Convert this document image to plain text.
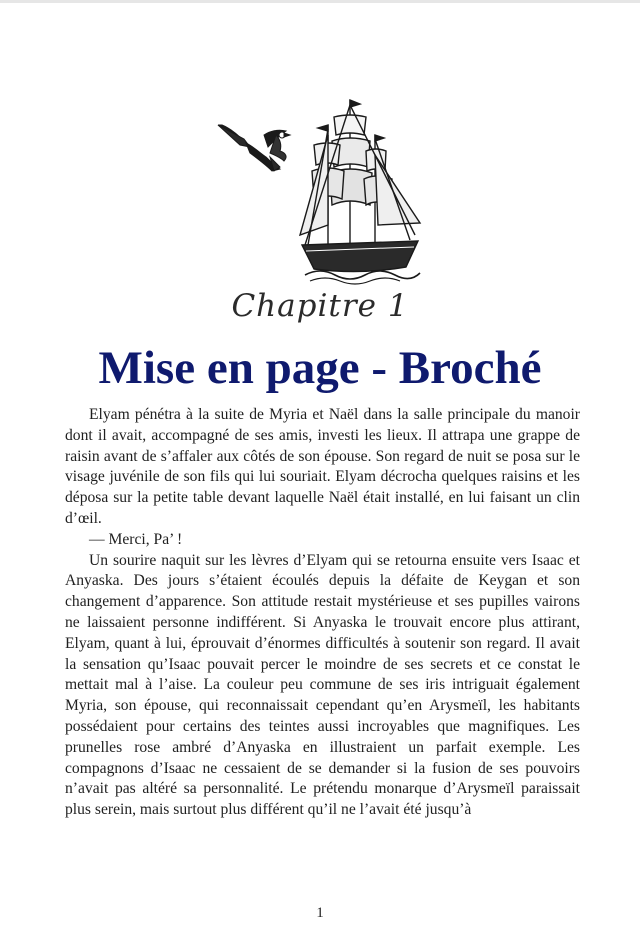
Chapitre 1
Mise en page - Broché

Elyam pénétra à la suite de Myria et Naël dans la salle principale du manoir dont il avait, accompagné de ses amis, investi les lieux. Il attrapa une grappe de raisin avant de s’affaler aux côtés de son épouse. Son regard de nuit se posa sur le visage juvénile de son fils qui lui souriait. Elyam décrocha quelques raisins et les déposa sur la petite table devant laquelle Naël était installé, en lui faisant un clin d’œil.

— Merci, Pa’ !

Un sourire naquit sur les lèvres d’Elyam qui se retourna ensuite vers Isaac et Anyaska. Des jours s’étaient écoulés depuis la défaite de Keygan et son changement d’apparence. Son attitude restait mystérieuse et ses pupilles vairons ne laissaient personne indifférent. Si Anyaska le trouvait encore plus attirant, Elyam, quant à lui, éprouvait d’énormes difficultés à soutenir son regard. Il avait la sensation qu’Isaac pouvait percer le moindre de ses secrets et ce constat le mettait mal à l’aise. La couleur peu commune de ses iris intriguait également Myria, son épouse, qui reconnaissait cependant qu’en Arysmeïl, les habitants possédaient pour certains des teintes aussi incroyables que magnifiques. Les prunelles rose ambré d’Anyaska en illustraient un parfait exemple. Les compagnons d’Isaac ne cessaient de se demander si la fusion de ses pouvoirs n’avait pas altéré sa personnalité. Le prétendu monarque d’Arysmeïl paraissait plus serein, mais surtout plus différent qu’il ne l’avait été jusqu’à

1
